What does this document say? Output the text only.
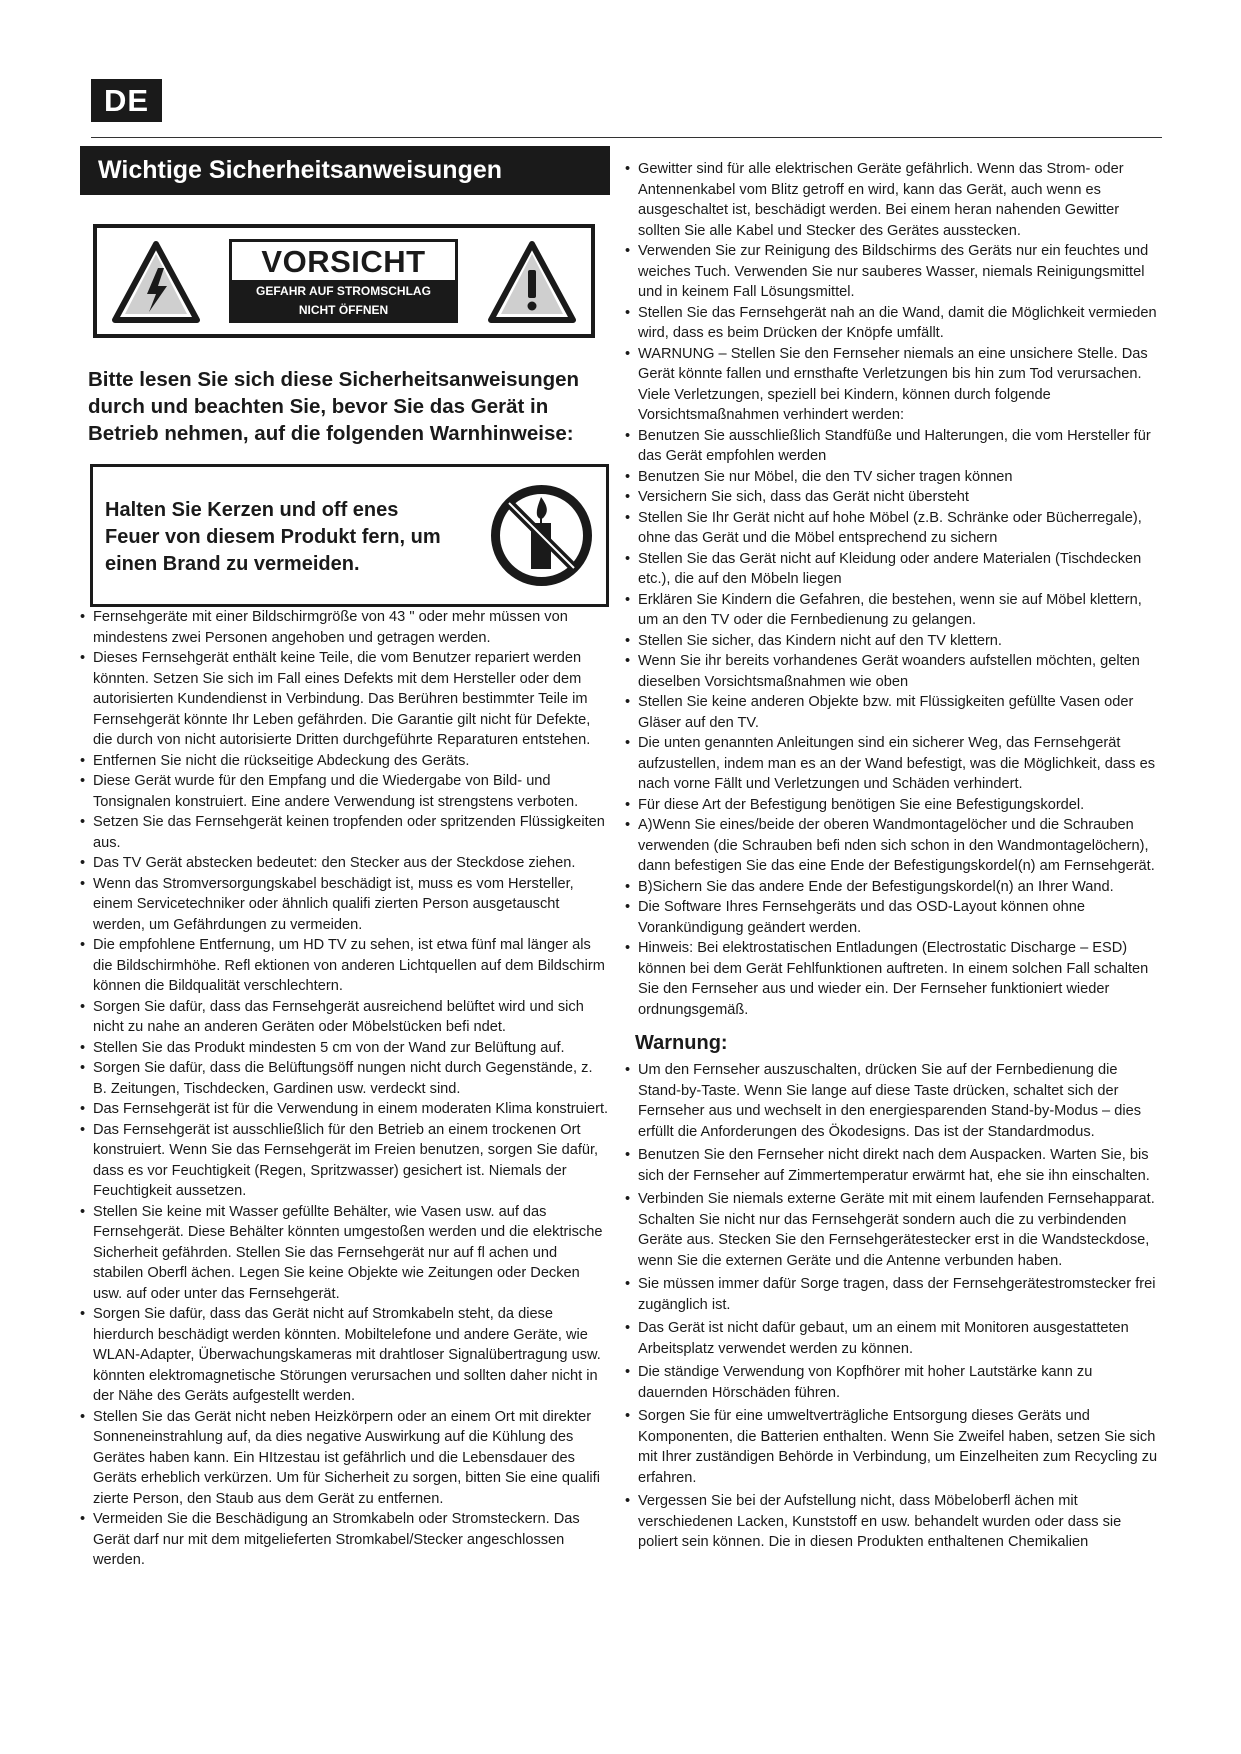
DE
Wichtige Sicherheitsanweisungen
VORSICHT
GEFAHR AUF STROMSCHLAG
NICHT ÖFFNEN
Bitte lesen Sie sich diese Sicherheitsanweisungen durch und beachten Sie, bevor Sie das Gerät in Betrieb nehmen, auf die folgenden Warnhinweise:
Halten Sie Kerzen und off enes Feuer von diesem Produkt fern, um einen Brand zu vermeiden.
• Fernsehgeräte mit einer Bildschirmgröße von 43 " oder mehr müssen von mindestens zwei Personen angehoben und getragen werden.
• Dieses Fernsehgerät enthält keine Teile, die vom Benutzer repariert werden könnten. Setzen Sie sich im Fall eines Defekts mit dem Hersteller oder dem autorisierten Kundendienst in Verbindung. Das Berühren bestimmter Teile im Fernsehgerät könnte Ihr Leben gefährden. Die Garantie gilt nicht für Defekte, die durch von nicht autorisierte Dritten durchgeführte Reparaturen entstehen.
• Entfernen Sie nicht die rückseitige Abdeckung des Geräts.
• Diese Gerät wurde für den Empfang und die Wiedergabe von Bild- und Tonsignalen konstruiert. Eine andere Verwendung ist strengstens verboten.
• Setzen Sie das Fernsehgerät keinen tropfenden oder spritzenden Flüssigkeiten aus.
• Das TV Gerät abstecken bedeutet: den Stecker aus der Steckdose ziehen.
• Wenn das Stromversorgungskabel beschädigt ist, muss es vom Hersteller, einem Servicetechniker oder ähnlich qualifi zierten Person ausgetauscht werden, um Gefährdungen zu vermeiden.
• Die empfohlene Entfernung, um HD TV zu sehen, ist etwa fünf mal länger als die Bildschirmhöhe. Refl ektionen von anderen Lichtquellen auf dem Bildschirm können die Bildqualität verschlechtern.
• Sorgen Sie dafür, dass das Fernsehgerät ausreichend belüftet wird und sich nicht zu nahe an anderen Geräten oder Möbelstücken befi ndet.
• Stellen Sie das Produkt mindesten 5 cm von der Wand zur Belüftung auf.
• Sorgen Sie dafür, dass die Belüftungsöff nungen nicht durch Gegenstände, z. B. Zeitungen, Tischdecken, Gardinen usw. verdeckt sind.
• Das Fernsehgerät ist für die Verwendung in einem moderaten Klima konstruiert.
• Das Fernsehgerät ist ausschließlich für den Betrieb an einem trockenen Ort konstruiert. Wenn Sie das Fernsehgerät im Freien benutzen, sorgen Sie dafür, dass es vor Feuchtigkeit (Regen, Spritzwasser) gesichert ist. Niemals der Feuchtigkeit aussetzen.
• Stellen Sie keine mit Wasser gefüllte Behälter, wie Vasen usw. auf das Fernsehgerät. Diese Behälter könnten umgestoßen werden und die elektrische Sicherheit gefährden. Stellen Sie das Fernsehgerät nur auf fl achen und stabilen Oberfl ächen. Legen Sie keine Objekte wie Zeitungen oder Decken usw. auf oder unter das Fernsehgerät.
• Sorgen Sie dafür, dass das Gerät nicht auf Stromkabeln steht, da diese hierdurch beschädigt werden könnten. Mobiltelefone und andere Geräte, wie WLAN-Adapter, Überwachungskameras mit drahtloser Signalübertragung usw. könnten elektromagnetische Störungen verursachen und sollten daher nicht in der Nähe des Geräts aufgestellt werden.
• Stellen Sie das Gerät nicht neben Heizkörpern oder an einem Ort mit direkter Sonneneinstrahlung auf, da dies negative Auswirkung auf die Kühlung des Gerätes haben kann. Ein HItzestau ist gefährlich und die Lebensdauer des Geräts erheblich verkürzen. Um für Sicherheit zu sorgen, bitten Sie eine qualifi zierte Person, den Staub aus dem Gerät zu entfernen.
• Vermeiden Sie die Beschädigung an Stromkabeln oder Stromsteckern. Das Gerät darf nur mit dem mitgelieferten Stromkabel/Stecker angeschlossen werden.
• Gewitter sind für alle elektrischen Geräte gefährlich. Wenn das Strom- oder Antennenkabel vom Blitz getroff en wird, kann das Gerät, auch wenn es ausgeschaltet ist, beschädigt werden. Bei einem heran nahenden Gewitter sollten Sie alle Kabel und Stecker des Gerätes ausstecken.
• Verwenden Sie zur Reinigung des Bildschirms des Geräts nur ein feuchtes und weiches Tuch. Verwenden Sie nur sauberes Wasser, niemals Reinigungsmittel und in keinem Fall Lösungsmittel.
• Stellen Sie das Fernsehgerät nah an die Wand, damit die Möglichkeit vermieden wird, dass es beim Drücken der Knöpfe umfällt.
• WARNUNG – Stellen Sie den Fernseher niemals an eine unsichere Stelle. Das Gerät könnte fallen und ernsthafte Verletzungen bis hin zum Tod verursachen. Viele Verletzungen, speziell bei Kindern, können durch folgende Vorsichtsmaßnahmen verhindert werden:
• Benutzen Sie ausschließlich Standfüße und Halterungen, die vom Hersteller für das Gerät empfohlen werden
• Benutzen Sie nur Möbel, die den TV sicher tragen können
• Versichern Sie sich, dass das Gerät nicht übersteht
• Stellen Sie Ihr Gerät nicht auf hohe Möbel (z.B. Schränke oder Bücherregale), ohne das Gerät und die Möbel entsprechend zu sichern
• Stellen Sie das Gerät nicht auf Kleidung oder andere Materialen (Tischdecken etc.), die auf den Möbeln liegen
• Erklären Sie Kindern die Gefahren, die bestehen, wenn sie auf Möbel klettern, um an den TV oder die Fernbedienung zu gelangen.
• Stellen Sie sicher, das Kindern nicht auf den TV klettern.
• Wenn Sie ihr bereits vorhandenes Gerät woanders aufstellen möchten, gelten dieselben Vorsichtsmaßnahmen wie oben
• Stellen Sie keine anderen Objekte bzw. mit Flüssigkeiten gefüllte Vasen oder Gläser auf den TV.
• Die unten genannten Anleitungen sind ein sicherer Weg, das Fernsehgerät aufzustellen, indem man es an der Wand befestigt, was die Möglichkeit, dass es nach vorne Fällt und Verletzungen und Schäden verhindert.
• Für diese Art der Befestigung benötigen Sie eine Befestigungskordel.
• A)Wenn Sie eines/beide der oberen Wandmontagelöcher und die Schrauben verwenden (die Schrauben befi nden sich schon in den Wandmontagelöchern), dann befestigen Sie das eine Ende der Befestigungskordel(n) am Fernsehgerät.
• B)Sichern Sie das andere Ende der Befestigungskordel(n) an Ihrer Wand.
• Die Software Ihres Fernsehgeräts und das OSD-Layout können ohne Vorankündigung geändert werden.
• Hinweis: Bei elektrostatischen Entladungen (Electrostatic Discharge – ESD) können bei dem Gerät Fehlfunktionen auftreten. In einem solchen Fall schalten Sie den Fernseher aus und wieder ein. Der Fernseher funktioniert wieder ordnungsgemäß.
Warnung:
• Um den Fernseher auszuschalten, drücken Sie auf der Fernbedienung die Stand-by-Taste. Wenn Sie lange auf diese Taste drücken, schaltet sich der Fernseher aus und wechselt in den energiesparenden Stand-by-Modus – dies erfüllt die Anforderungen des Ökodesigns. Das ist der Standardmodus.
• Benutzen Sie den Fernseher nicht direkt nach dem Auspacken. Warten Sie, bis sich der Fernseher auf Zimmertemperatur erwärmt hat, ehe sie ihn einschalten.
• Verbinden Sie niemals externe Geräte mit mit einem laufenden Fernsehapparat. Schalten Sie nicht nur das Fernsehgerät sondern auch die zu verbindenden Geräte aus. Stecken Sie den Fernsehgerätestecker erst in die Wandsteckdose, wenn Sie die externen Geräte und die Antenne verbunden haben.
• Sie müssen immer dafür Sorge tragen, dass der Fernsehgerätestromstecker frei zugänglich ist.
• Das Gerät ist nicht dafür gebaut, um an einem mit Monitoren ausgestatteten Arbeitsplatz verwendet werden zu können.
• Die ständige Verwendung von Kopfhörer mit hoher Lautstärke kann zu dauernden Hörschäden führen.
• Sorgen Sie für eine umweltverträgliche Entsorgung dieses Geräts und Komponenten, die Batterien enthalten. Wenn Sie Zweifel haben, setzen Sie sich mit Ihrer zuständigen Behörde in Verbindung, um Einzelheiten zum Recycling zu erfahren.
• Vergessen Sie bei der Aufstellung nicht, dass Möbeloberfl ächen mit verschiedenen Lacken, Kunststoff en usw. behandelt wurden oder dass sie poliert sein können. Die in diesen Produkten enthaltenen Chemikalien
